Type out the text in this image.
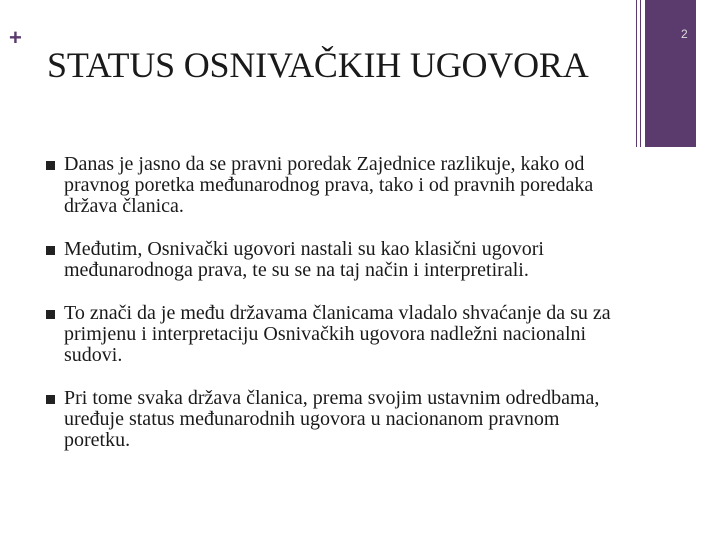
+	2
STATUS OSNIVAČKIH UGOVORA
Danas je jasno da se pravni poredak Zajednice razlikuje, kako od pravnog poretka međunarodnog prava, tako i od pravnih poredaka država članica.
Međutim, Osnivački ugovori nastali su kao klasični ugovori međunarodnoga prava, te su se na taj način i interpretirali.
To znači da je među državama članicama vladalo shvaćanje da su za primjenu i interpretaciju Osnivačkih ugovora nadležni nacionalni sudovi.
Pri tome svaka država članica, prema svojim ustavnim odredbama, uređuje status međunarodnih ugovora u nacionanom pravnom poretku.
